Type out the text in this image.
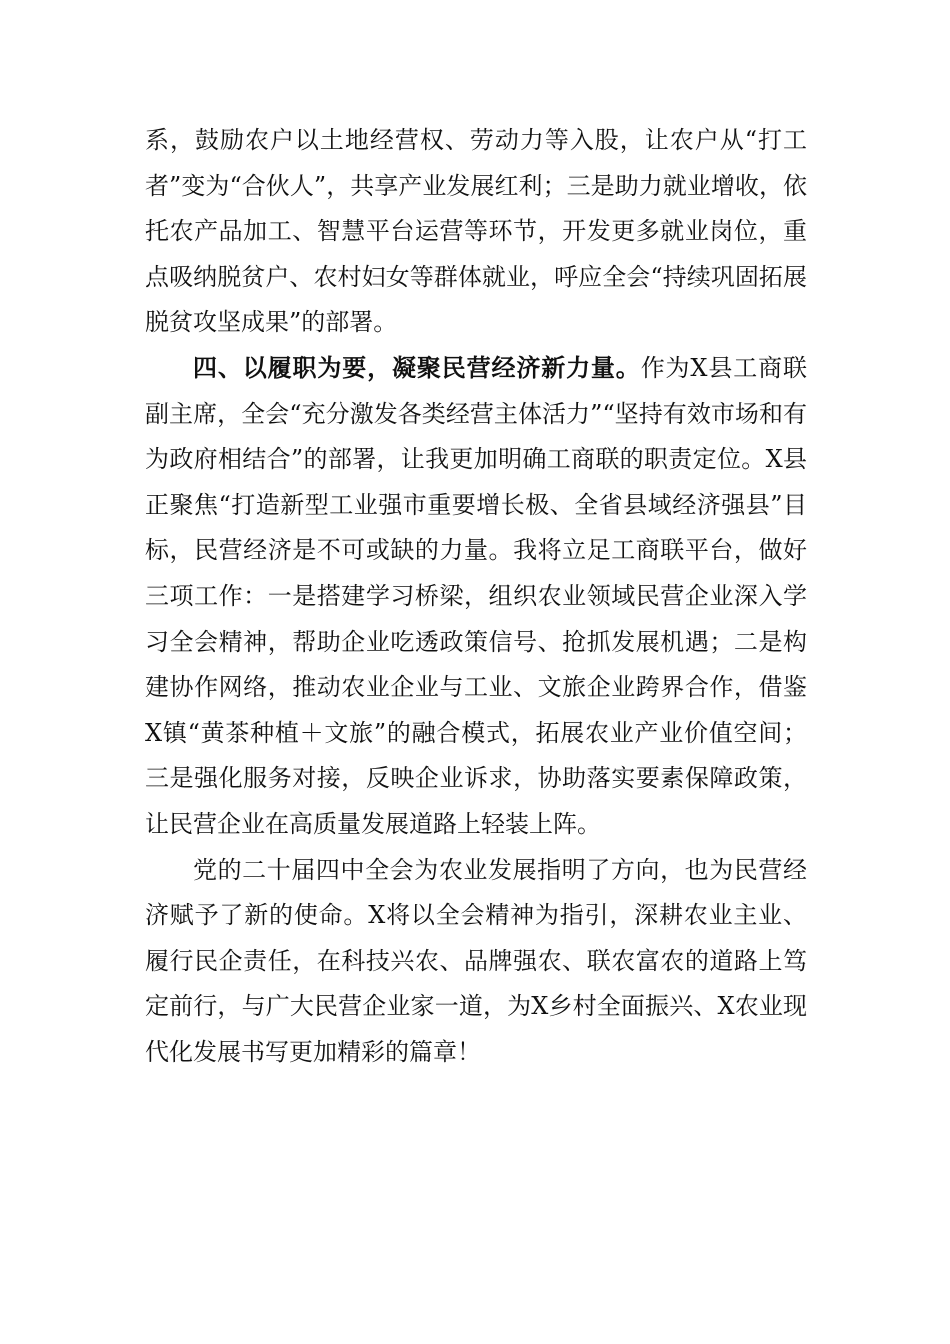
系，鼓励农户以土地经营权、劳动力等入股，让农户从“打工者”变为“合伙人”，共享产业发展红利；三是助力就业增收，依托农产品加工、智慧平台运营等环节，开发更多就业岗位，重点吸纳脱贫户、农村妇女等群体就业，呼应全会“持续巩固拓展脱贫攻坚成果”的部署。

四、以履职为要，凝聚民营经济新力量。作为X县工商联副主席，全会“充分激发各类经营主体活力”“坚持有效市场和有为政府相结合”的部署，让我更加明确工商联的职责定位。X县正聚焦“打造新型工业强市重要增长极、全省县域经济强县”目标，民营经济是不可或缺的力量。我将立足工商联平台，做好三项工作：一是搭建学习桥梁，组织农业领域民营企业深入学习全会精神，帮助企业吃透政策信号、抢抓发展机遇；二是构建协作网络，推动农业企业与工业、文旅企业跨界合作，借鉴X镇“黄茶种植＋文旅”的融合模式，拓展农业产业价值空间；三是强化服务对接，反映企业诉求，协助落实要素保障政策，让民营企业在高质量发展道路上轻装上阵。

党的二十届四中全会为农业发展指明了方向，也为民营经济赋予了新的使命。X将以全会精神为指引，深耕农业主业、履行民企责任，在科技兴农、品牌强农、联农富农的道路上笃定前行，与广大民营企业家一道，为X乡村全面振兴、X农业现代化发展书写更加精彩的篇章！
